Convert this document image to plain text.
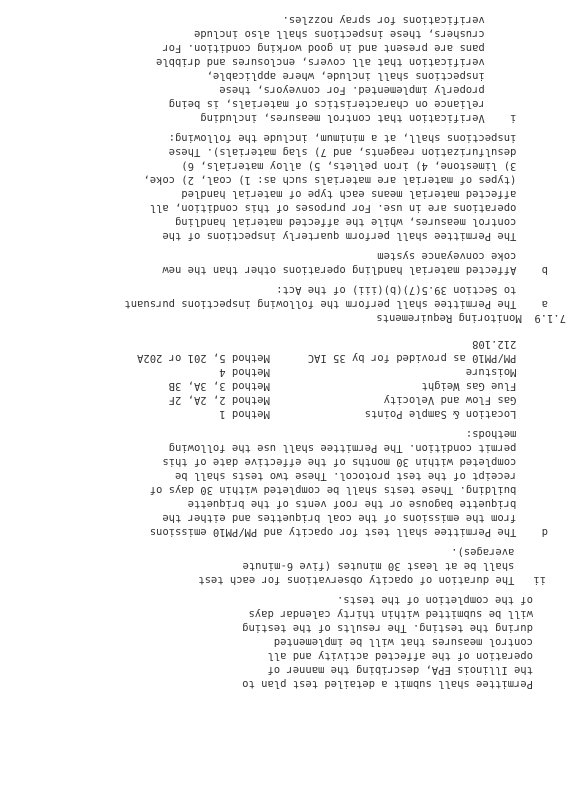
Permittee shall submit a detailed test plan to
the Illinois EPA, describing the manner of
operation of the affected activity and all
control measures that will be implemented
during the testing. The results of the testing
will be submitted within thirty calendar days
of the completion of the tests.
ii   The duration of opacity observations for each test
shall be at least 30 minutes (five 6-minute
averages).
d    The Permittee shall test for opacity and PM/PM10 emissions
from the emissions of the coal briquettes and either the
briquette bagouse or the roof vents of the briquette
building. These tests shall be completed within 30 days of
receipt of the test protocol. These two tests shall be
completed within 30 months of the effective date of this
permit condition. The Permittee shall use the following
methods:
Location & Sample Points               Method 1
Gas Flow and Velocity                  Method 2, 2A, 2F
Flue Gas Weight                        Method 3, 3A, 3B
Moisture                               Method 4
PM/PM10 as provided for by 35 IAC      Method 5, 201 or 202A
212.108
7.1.9  Monitoring Requirements
a    The Permittee shall perform the following inspections pursuant
to Section 39.5(7)(b)(iii) of the Act:
b    Affected material handling operations other than the new
coke conveyance system
The Permittee shall perform quarterly inspections of the
control measures, while the affected material handling
operations are in use. For purposes of this condition, all
affected material means each type of material handled
(types of material are materials such as: 1) coal, 2) coke,
3) limestone, 4) iron pellets, 5) alloy materials, 6)
desulfurization reagents, and 7) slag materials). These
inspections shall, at a minimum, include the following:
i    Verification that control measures, including
reliance on characteristics of materials, is being
properly implemented. For conveyors, these
inspections shall include, where applicable,
verification that all covers, enclosures and dribble
pans are present and in good working condition. For
crushers, these inspections shall also include
verifications for spray nozzles.
